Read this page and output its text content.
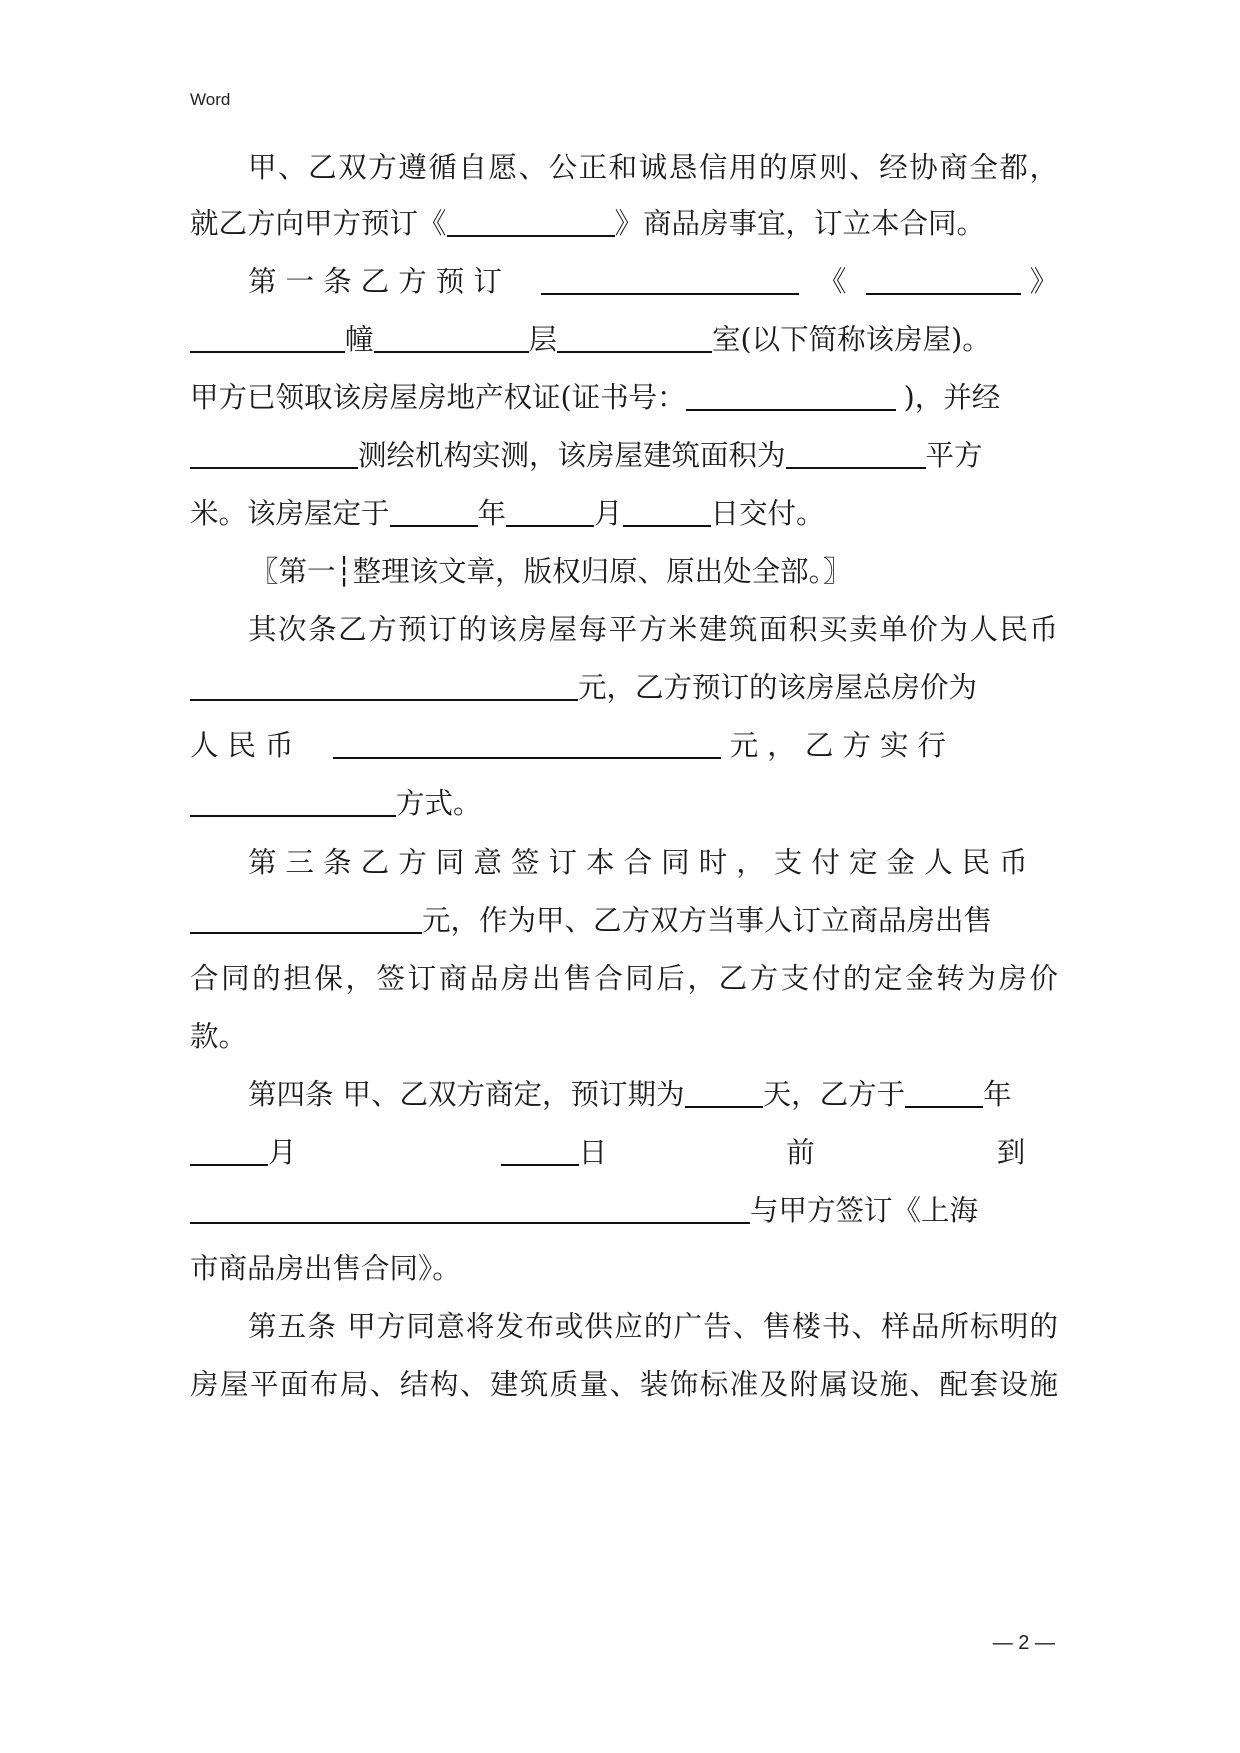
Word
甲、乙双方遵循自愿、公正和诚恳信用的原则、经协商全都，
就乙方向甲方预订《	》商品房事宜，订立本合同。
第 一 条 乙 方 预 订	《	》
幢	层	室(以下简称该房屋)。
甲方已领取该房屋房地产权证(证书号：	)，并经
测绘机构实测，该房屋建筑面积为	平方
米。该房屋定于	年	月	日交付。
〖第一┆整理该文章，版权归原、原出处全部。〗
其次条乙方预订的该房屋每平方米建筑面积买卖单价为人民币
元，乙方预订的该房屋总房价为
人 民 币	元 ， 乙 方 实 行
方式。
第 三 条 乙 方 同 意 签 订 本 合 同 时 ， 支 付 定 金 人 民 币
元，作为甲、乙方双方当事人订立商品房出售
合同的担保，签订商品房出售合同后，乙方支付的定金转为房价
款。
第四条 甲、乙双方商定，预订期为	天，乙方于	年
月	日	前	到
与甲方签订《上海
市商品房出售合同》。
第五条 甲方同意将发布或供应的广告、售楼书、样品所标明的
房屋平面布局、结构、建筑质量、装饰标准及附属设施、配套设施
— 2 —
